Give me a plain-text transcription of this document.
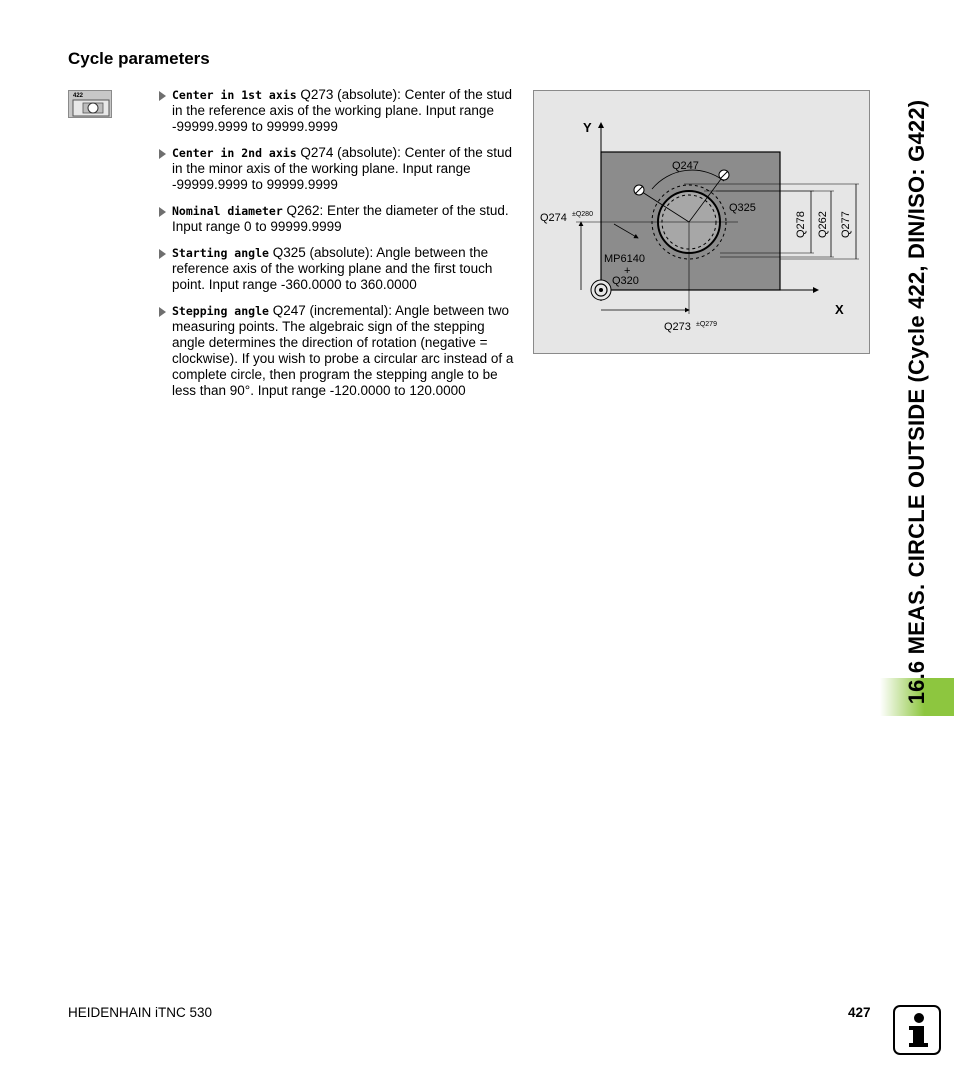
Cycle parameters
422	Center in 1st axis Q273 (absolute): Center of the stud in the reference axis of the working plane. Input range -99999.9999 to 99999.9999
Center in 2nd axis Q274 (absolute): Center of the stud in the minor axis of the working plane. Input range -99999.9999 to 99999.9999
Nominal diameter Q262: Enter the diameter of the stud. Input range 0 to 99999.9999
Starting angle Q325 (absolute): Angle between the reference axis of the working plane and the first touch point. Input range -360.0000 to 360.0000
Stepping angle Q247 (incremental): Angle between two measuring points. The algebraic sign of the stepping angle determines the direction of rotation (negative = clockwise). If you wish to probe a circular arc instead of a complete circle, then program the stepping angle to be less than 90°. Input range -120.0000 to 120.0000
Y
X
Q247
Q325
Q274 ±Q280
MP6140
+
Q320
Q273 ±Q279
Q278 Q262 Q277 16.6 MEAS. CIRCLE OUTSIDE (Cycle 422, DIN/ISO: G422)
HEIDENHAIN iTNC 530	427
